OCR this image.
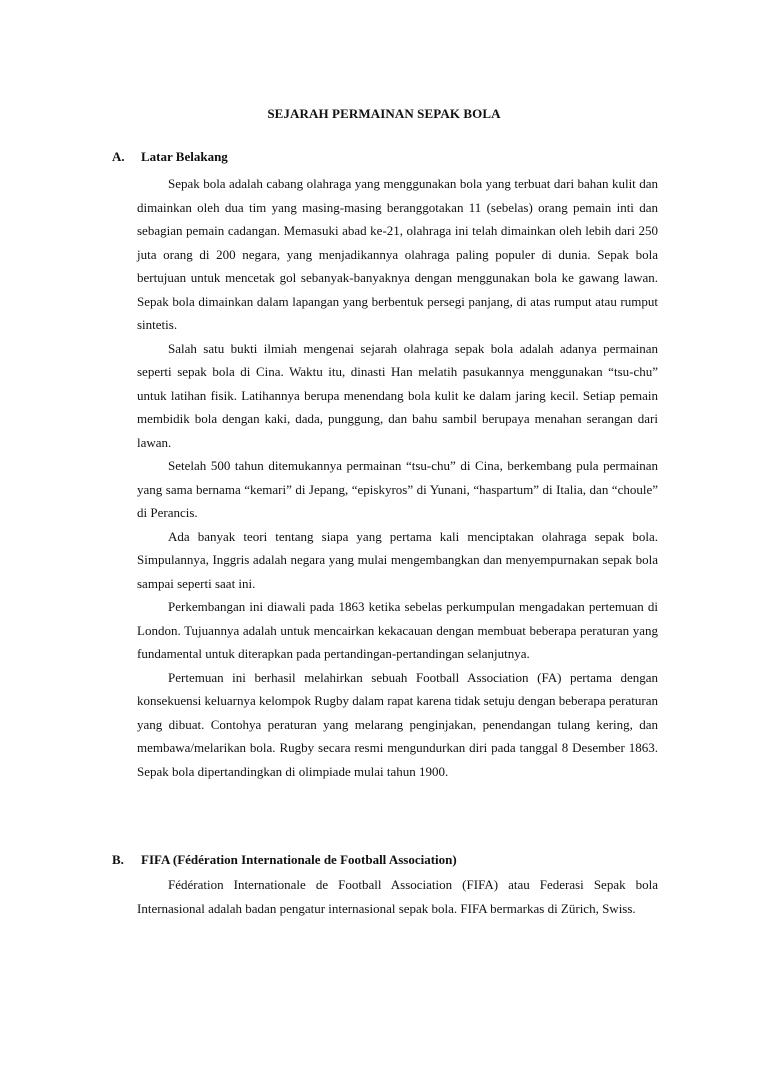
SEJARAH PERMAINAN SEPAK BOLA
A. Latar Belakang

Sepak bola adalah cabang olahraga yang menggunakan bola yang terbuat dari bahan kulit dan dimainkan oleh dua tim yang masing-masing beranggotakan 11 (sebelas) orang pemain inti dan sebagian pemain cadangan. Memasuki abad ke-21, olahraga ini telah dimainkan oleh lebih dari 250 juta orang di 200 negara, yang menjadikannya olahraga paling populer di dunia. Sepak bola bertujuan untuk mencetak gol sebanyak-banyaknya dengan menggunakan bola ke gawang lawan. Sepak bola dimainkan dalam lapangan yang berbentuk persegi panjang, di atas rumput atau rumput sintetis.

Salah satu bukti ilmiah mengenai sejarah olahraga sepak bola adalah adanya permainan seperti sepak bola di Cina. Waktu itu, dinasti Han melatih pasukannya menggunakan “tsu-chu” untuk latihan fisik. Latihannya berupa menendang bola kulit ke dalam jaring kecil. Setiap pemain membidik bola dengan kaki, dada, punggung, dan bahu sambil berupaya menahan serangan dari lawan.

Setelah 500 tahun ditemukannya permainan “tsu-chu” di Cina, berkembang pula permainan yang sama bernama “kemari” di Jepang, “episkyros” di Yunani, “haspartum” di Italia, dan “choule” di Perancis.

Ada banyak teori tentang siapa yang pertama kali menciptakan olahraga sepak bola. Simpulannya, Inggris adalah negara yang mulai mengembangkan dan menyempurnakan sepak bola sampai seperti saat ini.

Perkembangan ini diawali pada 1863 ketika sebelas perkumpulan mengadakan pertemuan di London. Tujuannya adalah untuk mencairkan kekacauan dengan membuat beberapa peraturan yang fundamental untuk diterapkan pada pertandingan-pertandingan selanjutnya.

Pertemuan ini berhasil melahirkan sebuah Football Association (FA) pertama dengan konsekuensi keluarnya kelompok Rugby dalam rapat karena tidak setuju dengan beberapa peraturan yang dibuat. Contohya peraturan yang melarang penginjakan, penendangan tulang kering, dan membawa/melarikan bola. Rugby secara resmi mengundurkan diri pada tanggal 8 Desember 1863. Sepak bola dipertandingkan di olimpiade mulai tahun 1900.

B. FIFA (Fédération Internationale de Football Association)

Fédération Internationale de Football Association (FIFA) atau Federasi Sepak bola Internasional adalah badan pengatur internasional sepak bola. FIFA bermarkas di Zürich, Swiss.
